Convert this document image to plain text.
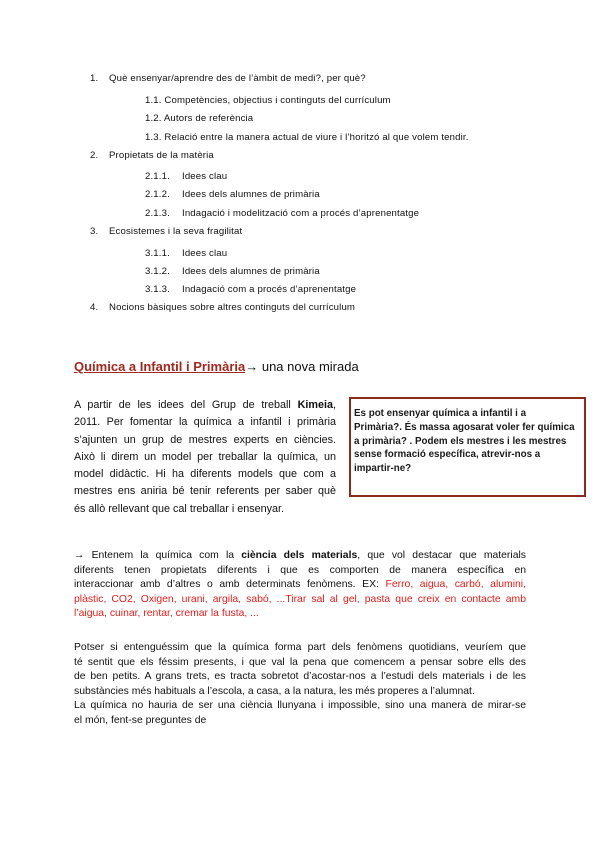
1. Què ensenyar/aprendre des de l’àmbit de medi?, per què?
1.1. Competències, objectius i continguts del currículum
1.2. Autors de referència
1.3. Relació entre la manera actual de viure i l’horitzó al que volem tendir.
2. Propietats de la matèria
2.1.1. Idees clau
2.1.2. Idees dels alumnes de primària
2.1.3. Indagació i modelització com a procés d’aprenentatge
3. Ecosistemes i la seva fragilitat
3.1.1. Idees clau
3.1.2. Idees dels alumnes de primària
3.1.3. Indagació com a procés d’aprenentatge
4. Nocions bàsiques sobre altres continguts del currículum
Química a Infantil i Primària→ una nova mirada
A partir de les idees del Grup de treball Kimeia,
2011. Per fomentar la química a infantil i primària
s’ajunten un grup de mestres experts en ciències.
Això li direm un model per treballar la química, un
model didàctic. Hi ha diferents models que com a
mestres ens aniria bé tenir referents per saber què
és allò rellevant que cal treballar i ensenyar.
Es pot ensenyar química a infantil i a
Primària?. És massa agosarat voler fer química
a primària? . Podem els mestres i les mestres
sense formació específica, atrevir-nos a
impartir-ne?
→ Entenem la química com la ciència dels materials, que vol destacar que materials
diferents tenen propietats diferents i que es comporten de manera específica en
interaccionar amb d’altres o amb determinats fenòmens. EX: Ferro, aigua, carbó, alumini,
plàstic, CO2, Oxigen, urani, argila, sabó, ...Tirar sal al gel, pasta que creix en contacte amb
l’aigua, cuinar, rentar, cremar la fusta, ...
Potser si entenguéssim que la química forma part dels fenòmens quotidians, veuríem que
té sentit que els féssim presents, i que val la pena que comencem a pensar sobre ells des
de ben petits. A grans trets, es tracta sobretot d’acostar-nos a l’estudi dels materials i de les
substàncies més habituals a l’escola, a casa, a la natura, les més properes a l’alumnat.
La química no hauria de ser una ciència llunyana i impossible, sino una manera de mirar-se
el món, fent-se preguntes de
